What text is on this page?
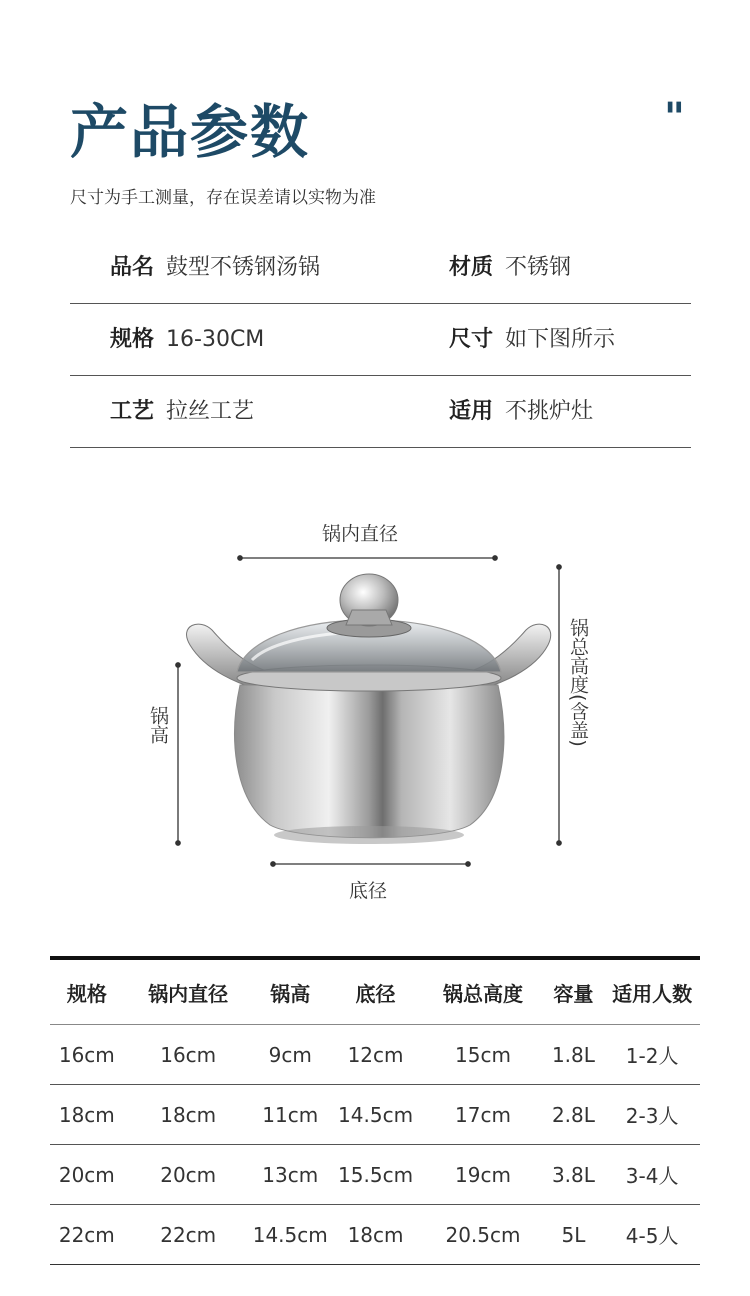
产品参数	"
尺寸为手工测量，存在误差请以实物为准
品名 鼓型不锈钢汤锅	材质 不锈钢
规格 16-30CM	尺寸 如下图所示
工艺 拉丝工艺	适用 不挑炉灶
锅内直径
锅高	锅总高度(含盖)
底径
规格	锅内直径	锅高	底径	锅总高度	容量	适用人数
16cm	16cm	9cm	12cm	15cm	1.8L	1-2人
18cm	18cm	11cm	14.5cm	17cm	2.8L	2-3人
20cm	20cm	13cm	15.5cm	19cm	3.8L	3-4人
22cm	22cm	14.5cm	18cm	20.5cm	5L	4-5人
